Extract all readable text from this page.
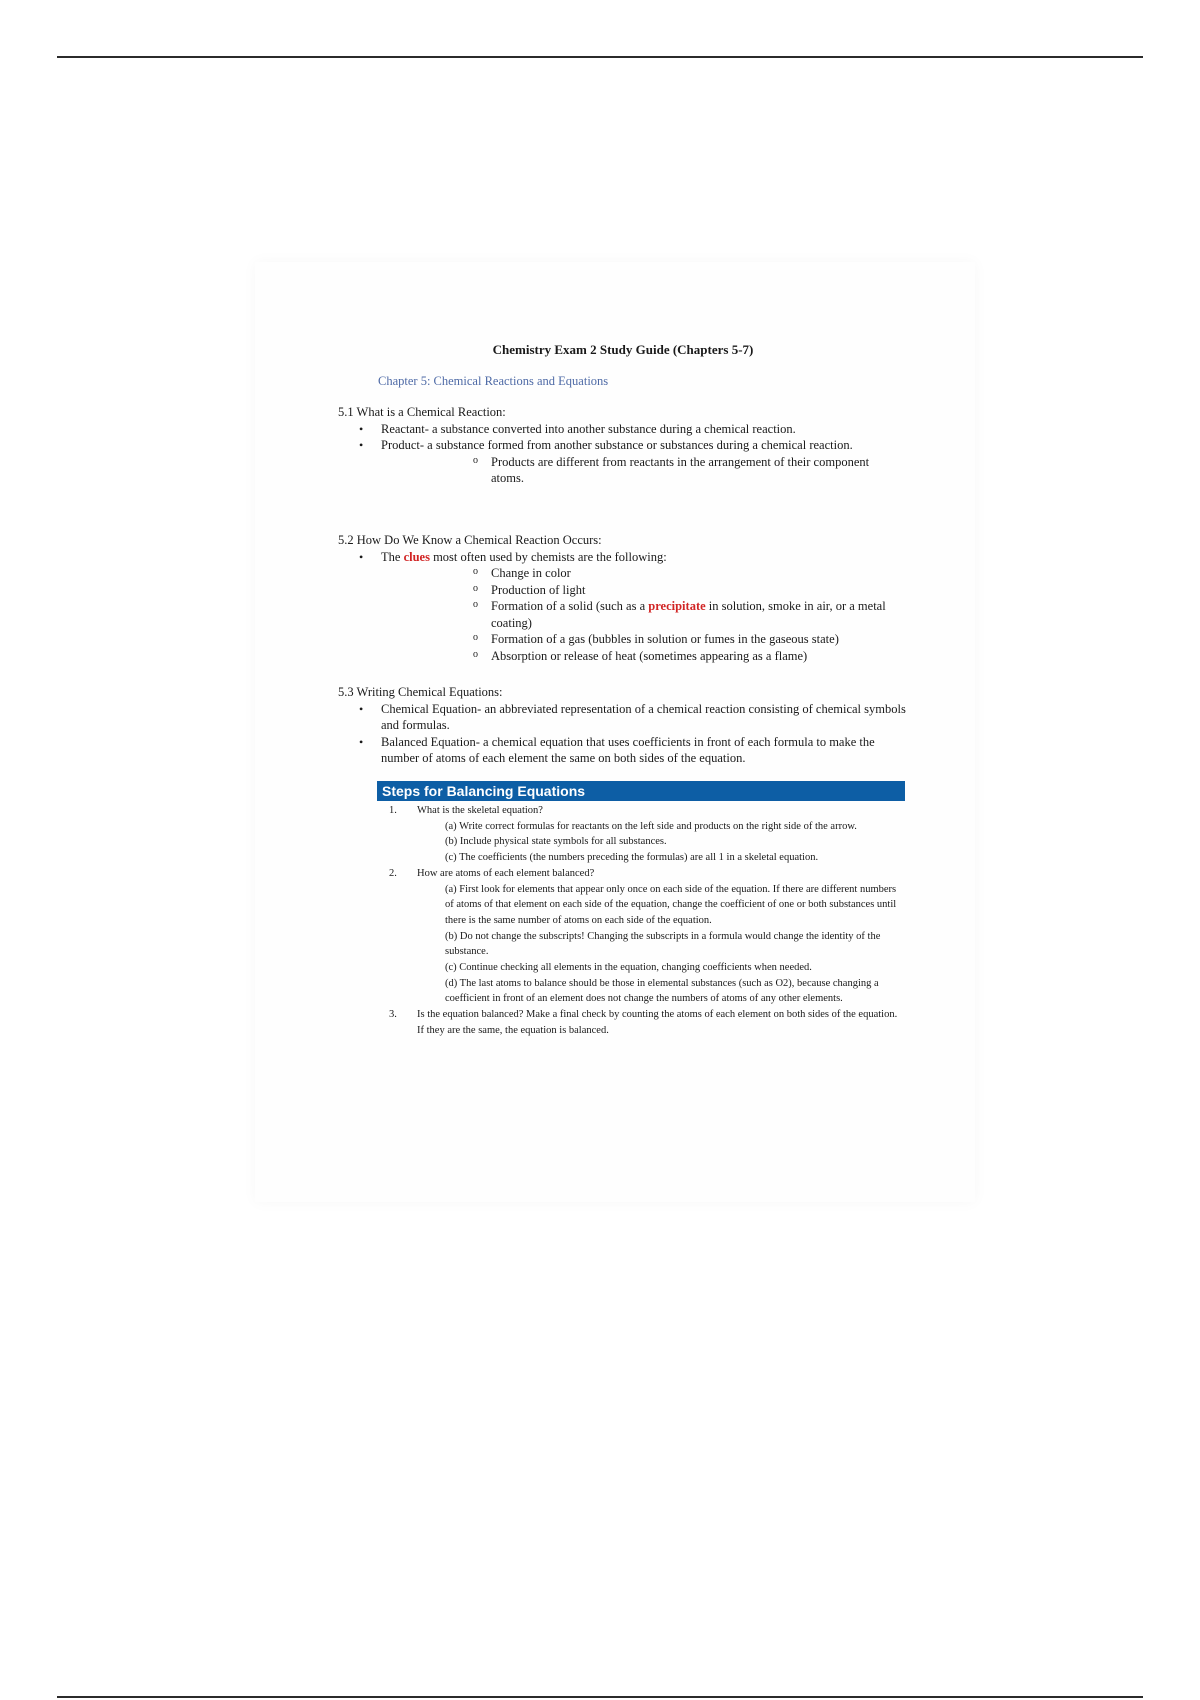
Chemistry Exam 2 Study Guide (Chapters 5-7)
Chapter 5: Chemical Reactions and Equations

5.1 What is a Chemical Reaction:

• Reactant- a substance converted into another substance during a chemical reaction.
• Product- a substance formed from another substance or substances during a chemical reaction.
o Products are different from reactants in the arrangement of their component atoms.

5.2 How Do We Know a Chemical Reaction Occurs:

• The clues most often used by chemists are the following:
o Change in color
o Production of light
o Formation of a solid (such as a precipitate in solution, smoke in air, or a metal coating)
o Formation of a gas (bubbles in solution or fumes in the gaseous state)
o Absorption or release of heat (sometimes appearing as a flame)

5.3 Writing Chemical Equations:

• Chemical Equation- an abbreviated representation of a chemical reaction consisting of chemical symbols and formulas.
• Balanced Equation- a chemical equation that uses coefficients in front of each formula to make the number of atoms of each element the same on both sides of the equation.
Steps for Balancing Equations
1. What is the skeletal equation?
(a) Write correct formulas for reactants on the left side and products on the right side of the arrow.
(b) Include physical state symbols for all substances.
(c) The coefficients (the numbers preceding the formulas) are all 1 in a skeletal equation.
2. How are atoms of each element balanced?
(a) First look for elements that appear only once on each side of the equation. If there are different numbers of atoms of that element on each side of the equation, change the coefficient of one or both substances until there is the same number of atoms on each side of the equation.
(b) Do not change the subscripts! Changing the subscripts in a formula would change the identity of the substance.
(c) Continue checking all elements in the equation, changing coefficients when needed.
(d) The last atoms to balance should be those in elemental substances (such as O2), because changing a coefficient in front of an element does not change the numbers of atoms of any other elements.
3. Is the equation balanced? Make a final check by counting the atoms of each element on both sides of the equation. If they are the same, the equation is balanced.
